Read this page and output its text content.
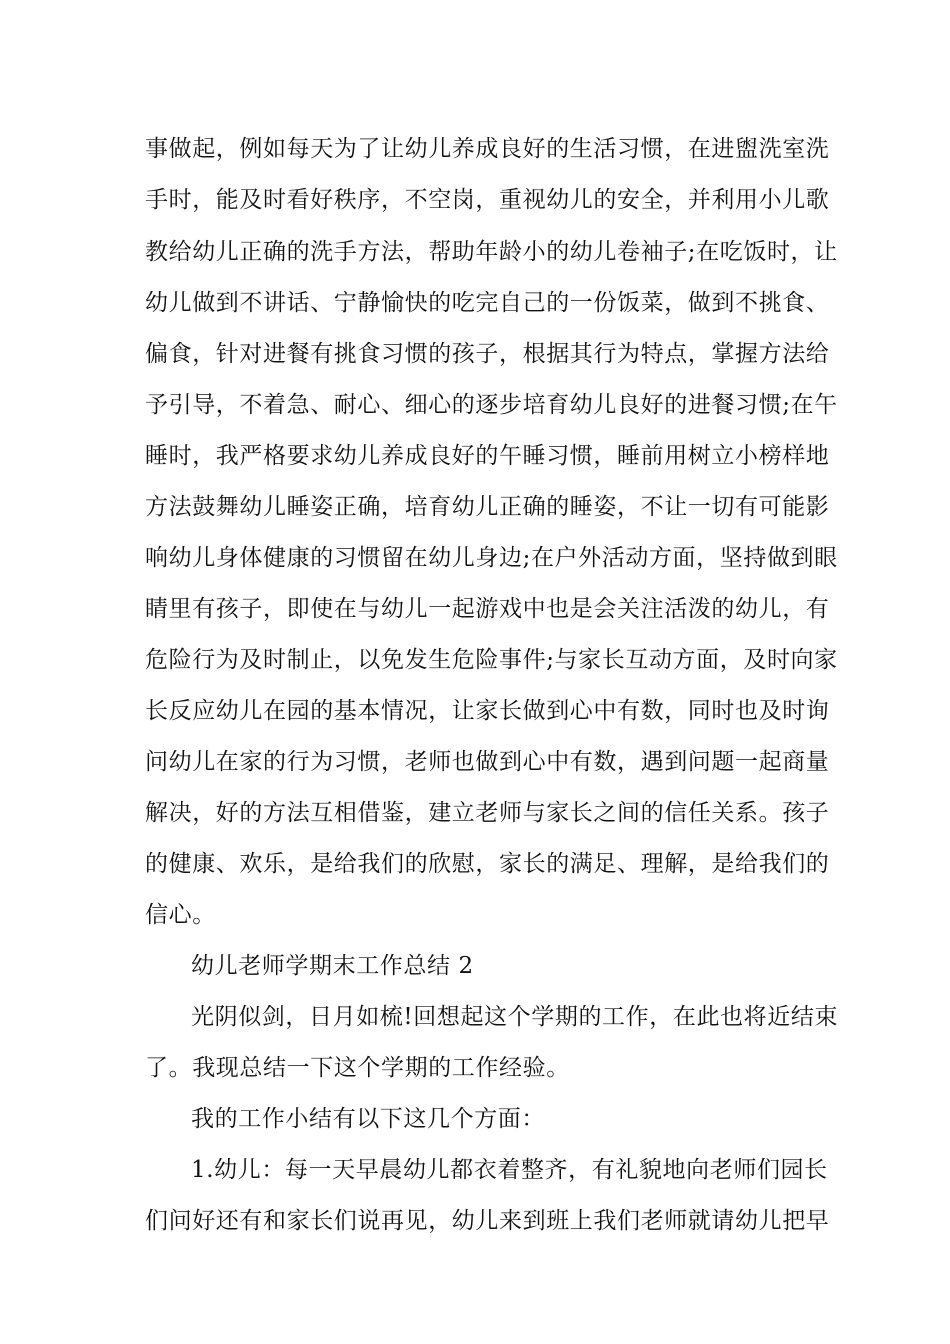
事做起，例如每天为了让幼儿养成良好的生活习惯，在进盥洗室洗
手时，能及时看好秩序，不空岗，重视幼儿的安全，并利用小儿歌
教给幼儿正确的洗手方法，帮助年龄小的幼儿卷袖子;在吃饭时，让
幼儿做到不讲话、宁静愉快的吃完自己的一份饭菜，做到不挑食、
偏食，针对进餐有挑食习惯的孩子，根据其行为特点，掌握方法给
予引导，不着急、耐心、细心的逐步培育幼儿良好的进餐习惯;在午
睡时，我严格要求幼儿养成良好的午睡习惯，睡前用树立小榜样地
方法鼓舞幼儿睡姿正确，培育幼儿正确的睡姿，不让一切有可能影
响幼儿身体健康的习惯留在幼儿身边;在户外活动方面，坚持做到眼
睛里有孩子，即使在与幼儿一起游戏中也是会关注活泼的幼儿，有
危险行为及时制止，以免发生危险事件;与家长互动方面，及时向家
长反应幼儿在园的基本情况，让家长做到心中有数，同时也及时询
问幼儿在家的行为习惯，老师也做到心中有数，遇到问题一起商量
解决，好的方法互相借鉴，建立老师与家长之间的信任关系。孩子
的健康、欢乐，是给我们的欣慰，家长的满足、理解，是给我们的
信心。
幼儿老师学期末工作总结 2
光阴似剑，日月如梳!回想起这个学期的工作，在此也将近结束
了。我现总结一下这个学期的工作经验。
我的工作小结有以下这几个方面：
1.幼儿：每一天早晨幼儿都衣着整齐，有礼貌地向老师们园长
们问好还有和家长们说再见，幼儿来到班上我们老师就请幼儿把早
